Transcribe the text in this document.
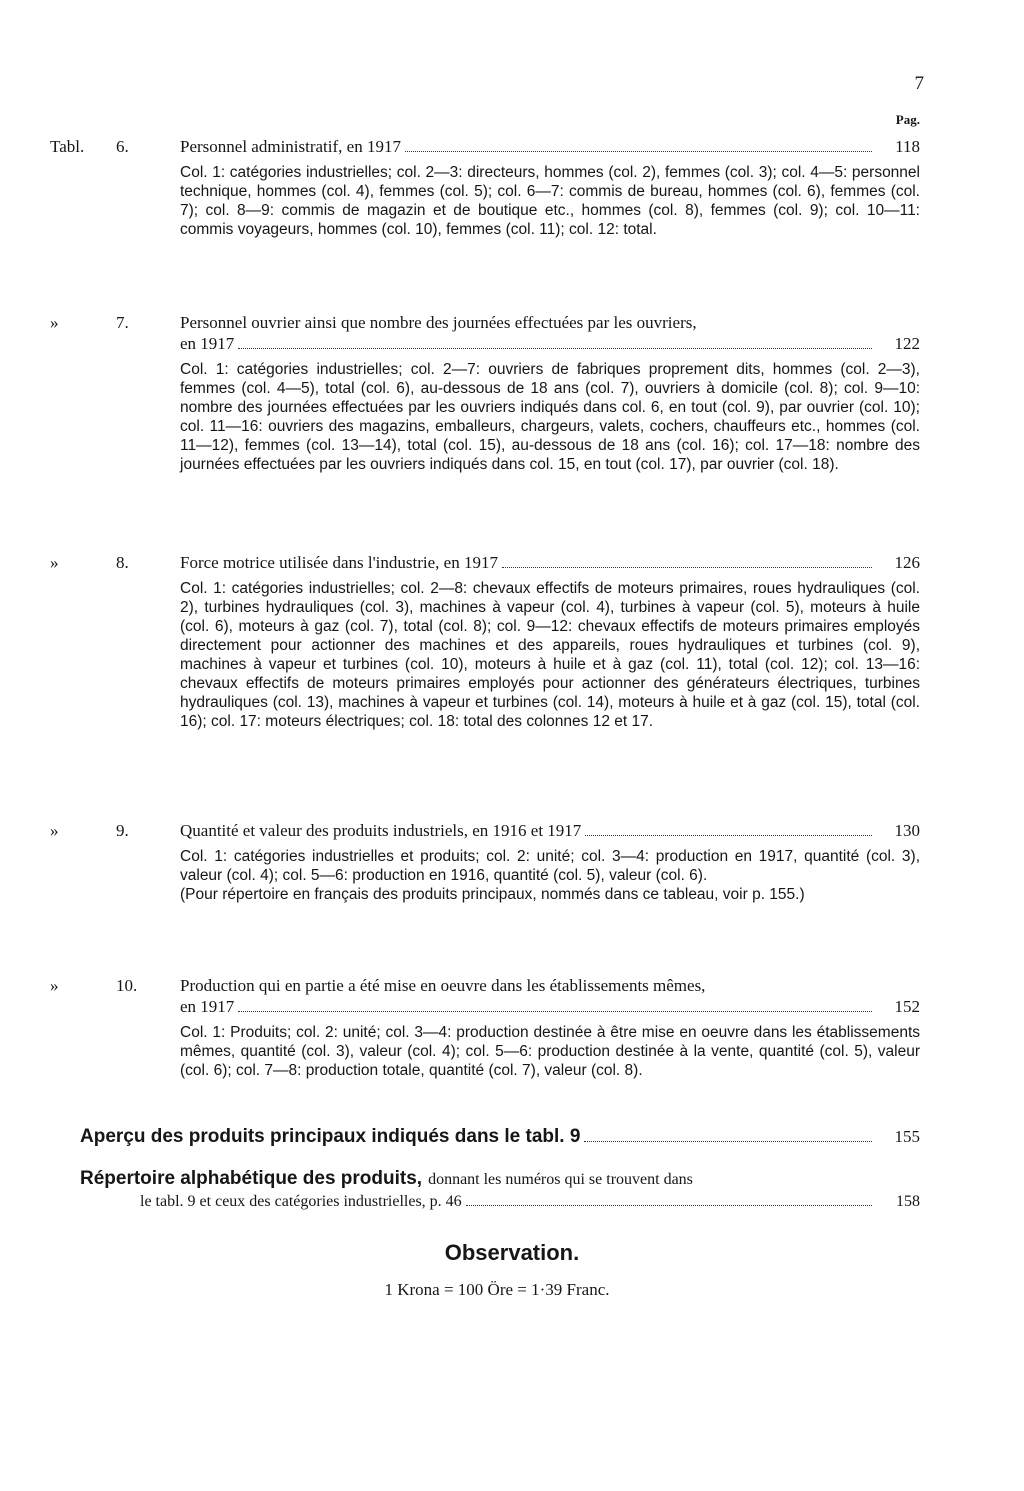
7
Pag.
Tabl.	6.	Personnel administratif, en 1917	118
Col. 1: catégories industrielles; col. 2—3: directeurs, hommes (col. 2), femmes (col. 3); col. 4—5: personnel technique, hommes (col. 4), femmes (col. 5); col. 6—7: commis de bureau, hommes (col. 6), femmes (col. 7); col. 8—9: commis de magazin et de boutique etc., hommes (col. 8), femmes (col. 9); col. 10—11: commis voyageurs, hommes (col. 10), femmes (col. 11); col. 12: total.
»	7.	Personnel ouvrier ainsi que nombre des journées effectuées par les ouvriers,
en 1917	122
Col. 1: catégories industrielles; col. 2—7: ouvriers de fabriques proprement dits, hommes (col. 2—3), femmes (col. 4—5), total (col. 6), au-dessous de 18 ans (col. 7), ouvriers à domicile (col. 8); col. 9—10: nombre des journées effectuées par les ouvriers indiqués dans col. 6, en tout (col. 9), par ouvrier (col. 10); col. 11—16: ouvriers des magazins, emballeurs, chargeurs, valets, cochers, chauffeurs etc., hommes (col. 11—12), femmes (col. 13—14), total (col. 15), au-dessous de 18 ans (col. 16); col. 17—18: nombre des journées effectuées par les ouvriers indiqués dans col. 15, en tout (col. 17), par ouvrier (col. 18).
»	8.	Force motrice utilisée dans l'industrie, en 1917	126
Col. 1: catégories industrielles; col. 2—8: chevaux effectifs de moteurs primaires, roues hydrauliques (col. 2), turbines hydrauliques (col. 3), machines à vapeur (col. 4), turbines à vapeur (col. 5), moteurs à huile (col. 6), moteurs à gaz (col. 7), total (col. 8); col. 9—12: chevaux effectifs de moteurs primaires employés directement pour actionner des machines et des appareils, roues hydrauliques et turbines (col. 9), machines à vapeur et turbines (col. 10), moteurs à huile et à gaz (col. 11), total (col. 12); col. 13—16: chevaux effectifs de moteurs primaires employés pour actionner des générateurs électriques, turbines hydrauliques (col. 13), machines à vapeur et turbines (col. 14), moteurs à huile et à gaz (col. 15), total (col. 16); col. 17: moteurs électriques; col. 18: total des colonnes 12 et 17.
»	9.	Quantité et valeur des produits industriels, en 1916 et 1917	130
Col. 1: catégories industrielles et produits; col. 2: unité; col. 3—4: production en 1917, quantité (col. 3), valeur (col. 4); col. 5—6: production en 1916, quantité (col. 5), valeur (col. 6).
(Pour répertoire en français des produits principaux, nommés dans ce tableau, voir p. 155.)
»	10.	Production qui en partie a été mise en oeuvre dans les établissements mêmes,
en 1917	152
Col. 1: Produits; col. 2: unité; col. 3—4: production destinée à être mise en oeuvre dans les établissements mêmes, quantité (col. 3), valeur (col. 4); col. 5—6: production destinée à la vente, quantité (col. 5), valeur (col. 6); col. 7—8: production totale, quantité (col. 7), valeur (col. 8).
Aperçu des produits principaux indiqués dans le tabl. 9	155
Répertoire alphabétique des produits, donnant les numéros qui se trouvent dans
le tabl. 9 et ceux des catégories industrielles, p. 46	158
Observation.
1 Krona = 100 Öre = 1·39 Franc.
